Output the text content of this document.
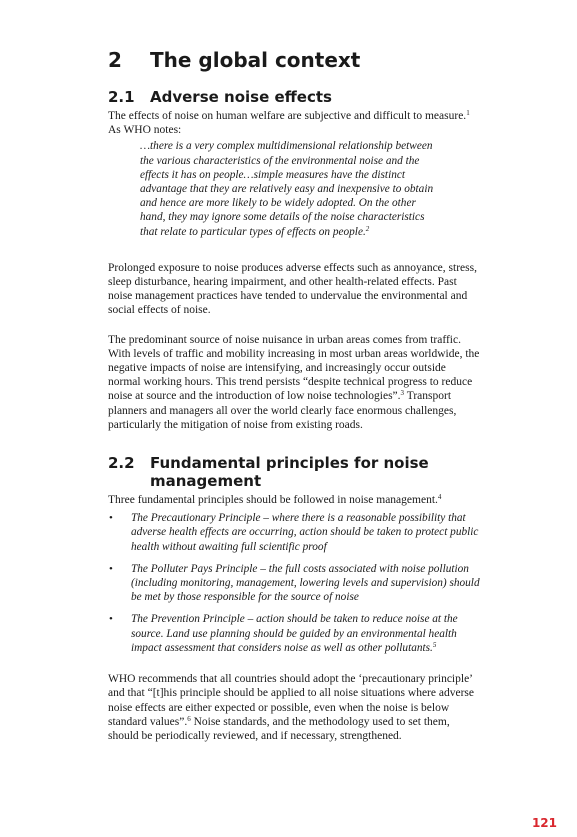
2 The global context
2.1	Adverse noise effects

The effects of noise on human welfare are subjective and difficult to measure.$^1$ As WHO notes:

…there is a very complex multidimensional relationship between the various characteristics of the environmental noise and the effects it has on people…simple measures have the distinct advantage that they are relatively easy and inexpensive to obtain and hence are more likely to be widely adopted. On the other hand, they may ignore some details of the noise characteristics that relate to particular types of effects on people.$^2$

Prolonged exposure to noise produces adverse effects such as annoyance, stress, sleep disturbance, hearing impairment, and other health-related effects. Past noise management practices have tended to undervalue the environmental and social effects of noise.

The predominant source of noise nuisance in urban areas comes from traffic. With levels of traffic and mobility increasing in most urban areas worldwide, the negative impacts of noise are intensifying, and increasingly occur outside normal working hours. This trend persists “despite technical progress to reduce noise at source and the introduction of low noise technologies”.$^3$ Transport planners and managers all over the world clearly face enormous challenges, particularly the mitigation of noise from existing roads.

2.2	Fundamental principles for noise management

Three fundamental principles should be followed in noise management.$^4$

•	The Precautionary Principle – where there is a reasonable possibility that adverse health effects are occurring, action should be taken to protect public health without awaiting full scientific proof
•	The Polluter Pays Principle – the full costs associated with noise pollution (including monitoring, management, lowering levels and supervision) should be met by those responsible for the source of noise
•	The Prevention Principle – action should be taken to reduce noise at the source. Land use planning should be guided by an environmental health impact assessment that considers noise as well as other pollutants.$^5$

WHO recommends that all countries should adopt the ‘precautionary principle’ and that “[t]his principle should be applied to all noise situations where adverse noise effects are either expected or possible, even when the noise is below standard values”.$^6$ Noise standards, and the methodology used to set them, should be periodically reviewed, and if necessary, strengthened.

121
